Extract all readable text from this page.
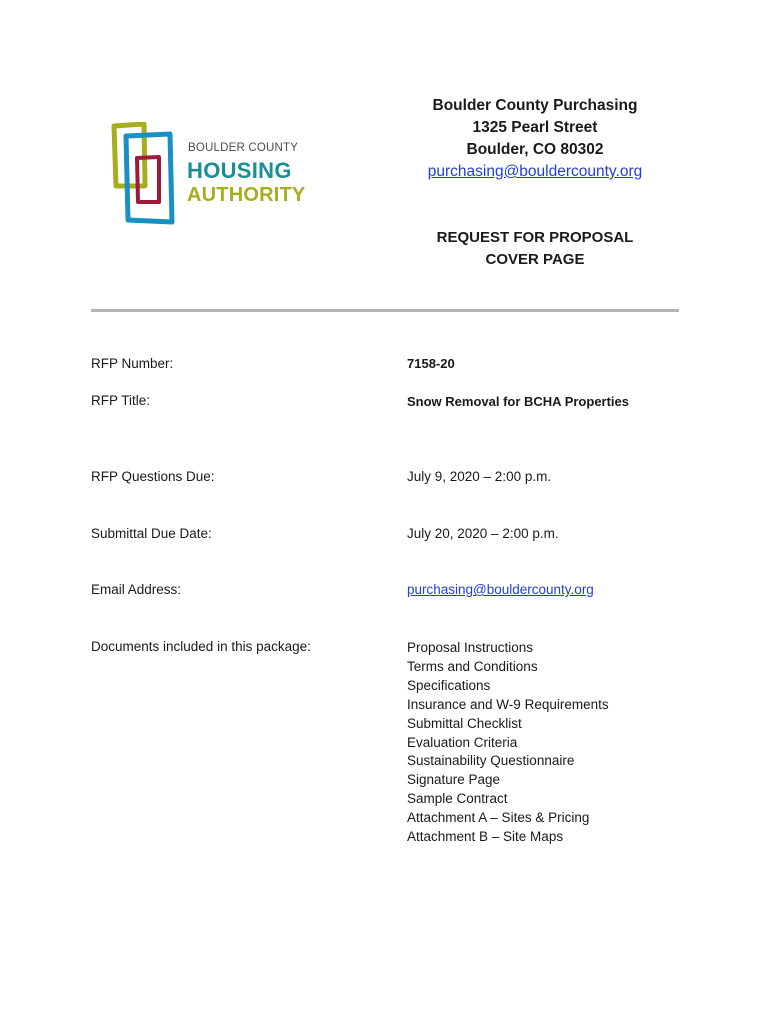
BOULDER COUNTY
HOUSING
AUTHORITY
Boulder County Purchasing
1325 Pearl Street
Boulder, CO 80302
purchasing@bouldercounty.org
REQUEST FOR PROPOSAL
COVER PAGE
RFP Number:	7158-20
RFP Title:	Snow Removal for BCHA Properties
RFP Questions Due:	July 9, 2020 – 2:00 p.m.
Submittal Due Date:	July 20, 2020 – 2:00 p.m.
Email Address:	purchasing@bouldercounty.org
Documents included in this package:	Proposal Instructions
Terms and Conditions
Specifications
Insurance and W-9 Requirements
Submittal Checklist
Evaluation Criteria
Sustainability Questionnaire
Signature Page
Sample Contract
Attachment A – Sites & Pricing
Attachment B – Site Maps
